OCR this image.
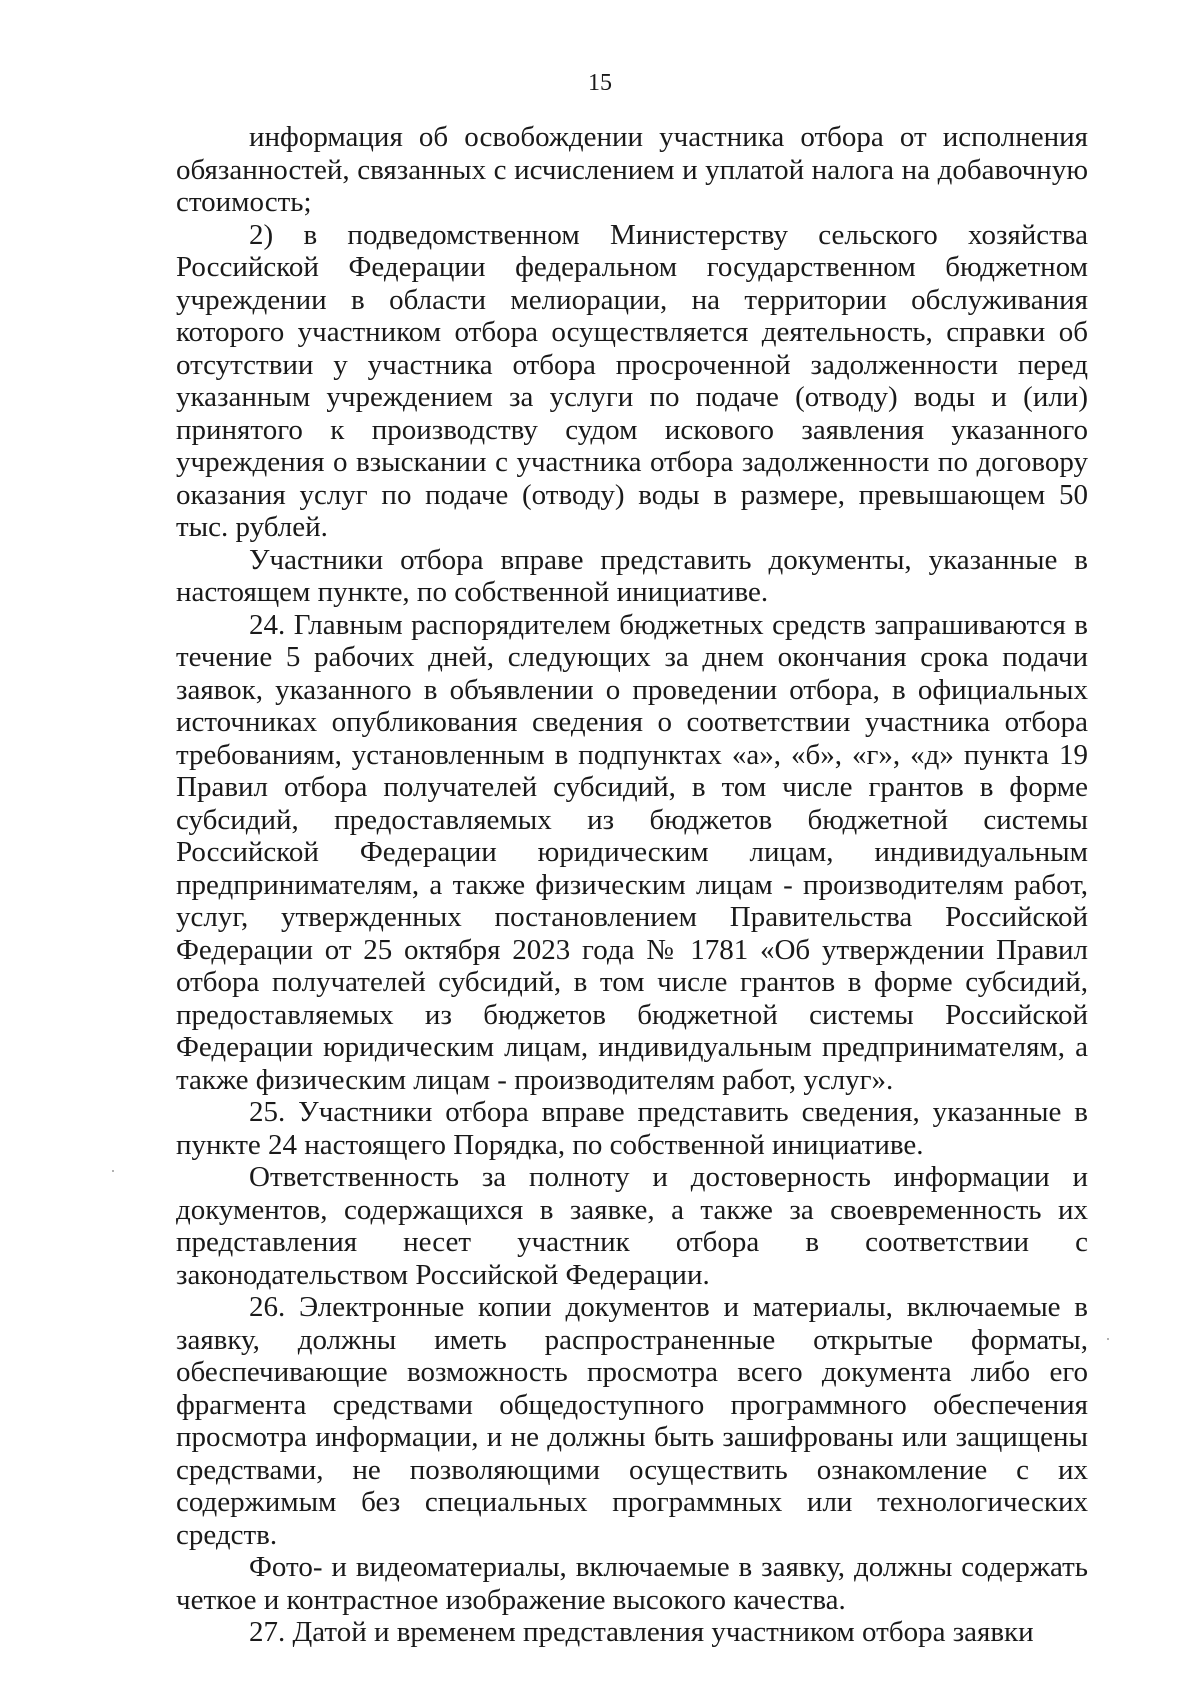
15

информация об освобождении участника отбора от исполнения обязанностей, связанных с исчислением и уплатой налога на добавочную стоимость;

2) в подведомственном Министерству сельского хозяйства Российской Федерации федеральном государственном бюджетном учреждении в области мелиорации, на территории обслуживания которого участником отбора осуществляется деятельность, справки об отсутствии у участника отбора просроченной задолженности перед указанным учреждением за услуги по подаче (отводу) воды и (или) принятого к производству судом искового заявления указанного учреждения о взыскании с участника отбора задолженности по договору оказания услуг по подаче (отводу) воды в размере, превышающем 50 тыс. рублей.

Участники отбора вправе представить документы, указанные в настоящем пункте, по собственной инициативе.

24. Главным распорядителем бюджетных средств запрашиваются в течение 5 рабочих дней, следующих за днем окончания срока подачи заявок, указанного в объявлении о проведении отбора, в официальных источниках опубликования сведения о соответствии участника отбора требованиям, установленным в подпунктах «а», «б», «г», «д» пункта 19 Правил отбора получателей субсидий, в том числе грантов в форме субсидий, предоставляемых из бюджетов бюджетной системы Российской Федерации юридическим лицам, индивидуальным предпринимателям, а также физическим лицам - производителям работ, услуг, утвержденных постановлением Правительства Российской Федерации от 25 октября 2023 года № 1781 «Об утверждении Правил отбора получателей субсидий, в том числе грантов в форме субсидий, предоставляемых из бюджетов бюджетной системы Российской Федерации юридическим лицам, индивидуальным предпринимателям, а также физическим лицам - производителям работ, услуг».

25. Участники отбора вправе представить сведения, указанные в пункте 24 настоящего Порядка, по собственной инициативе.

Ответственность за полноту и достоверность информации и документов, содержащихся в заявке, а также за своевременность их представления несет участник отбора в соответствии с законодательством Российской Федерации.

26. Электронные копии документов и материалы, включаемые в заявку, должны иметь распространенные открытые форматы, обеспечивающие возможность просмотра всего документа либо его фрагмента средствами общедоступного программного обеспечения просмотра информации, и не должны быть зашифрованы или защищены средствами, не позволяющими осуществить ознакомление с их содержимым без специальных программных или технологических средств.

Фото- и видеоматериалы, включаемые в заявку, должны содержать четкое и контрастное изображение высокого качества.

27. Датой и временем представления участником отбора заявки
